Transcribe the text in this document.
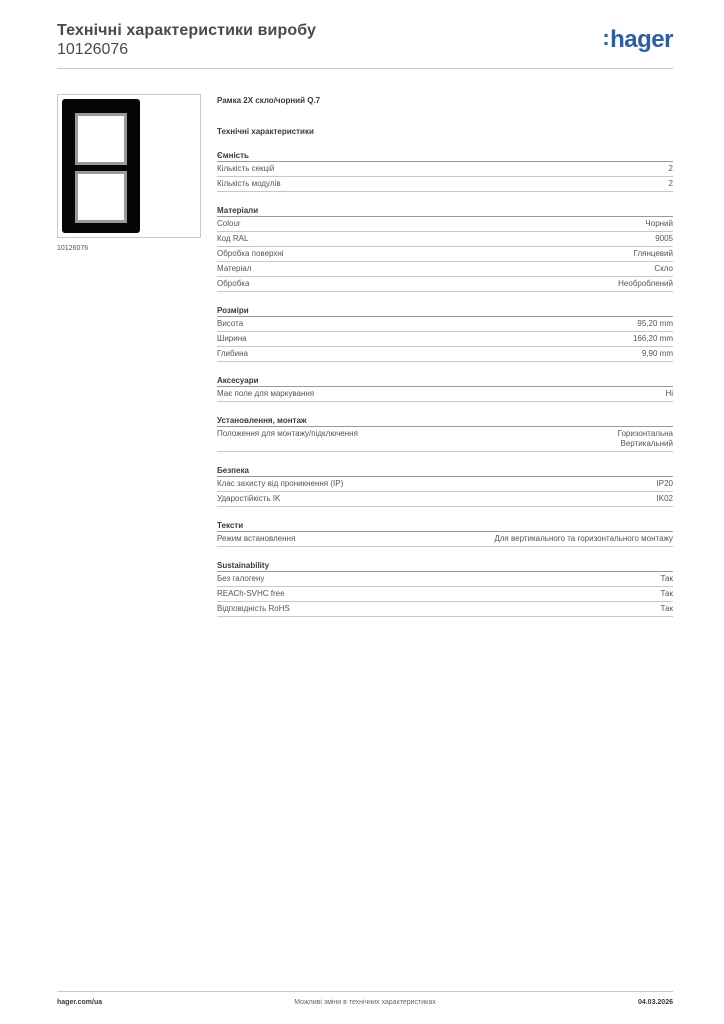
Технічні характеристики виробу
10126076	:hager
10126076
Рамка 2X скло/чорний Q.7
Технічні характеристики
Ємність
Кількість секцій	2
Кількість модулів	2
Матеріали
Colour	Чорний
Код RAL	9005
Обробка поверхні	Глянцевий
Матеріал	Скло
Обробка	Необроблений
Розміри
Висота	95,20 mm
Ширина	166,20 mm
Глибина	9,90 mm
Аксесуари
Має поле для маркування	Hi
Установлення, монтаж
Положення для монтажу/підключення	Горизонтальна
Вертикальний
Безпека
Клас захисту від проникнення (IP)	IP20
Ударостійкість IK	IK02
Тексти
Режим встановлення	Для вертикального та горизонтального монтажу
Sustainability
Без галогену	Так
REACh-SVHC free	Так
Відповідність RoHS	Так
hager.com/ua	Можливі зміни в технічних характеристиках	04.03.2026
